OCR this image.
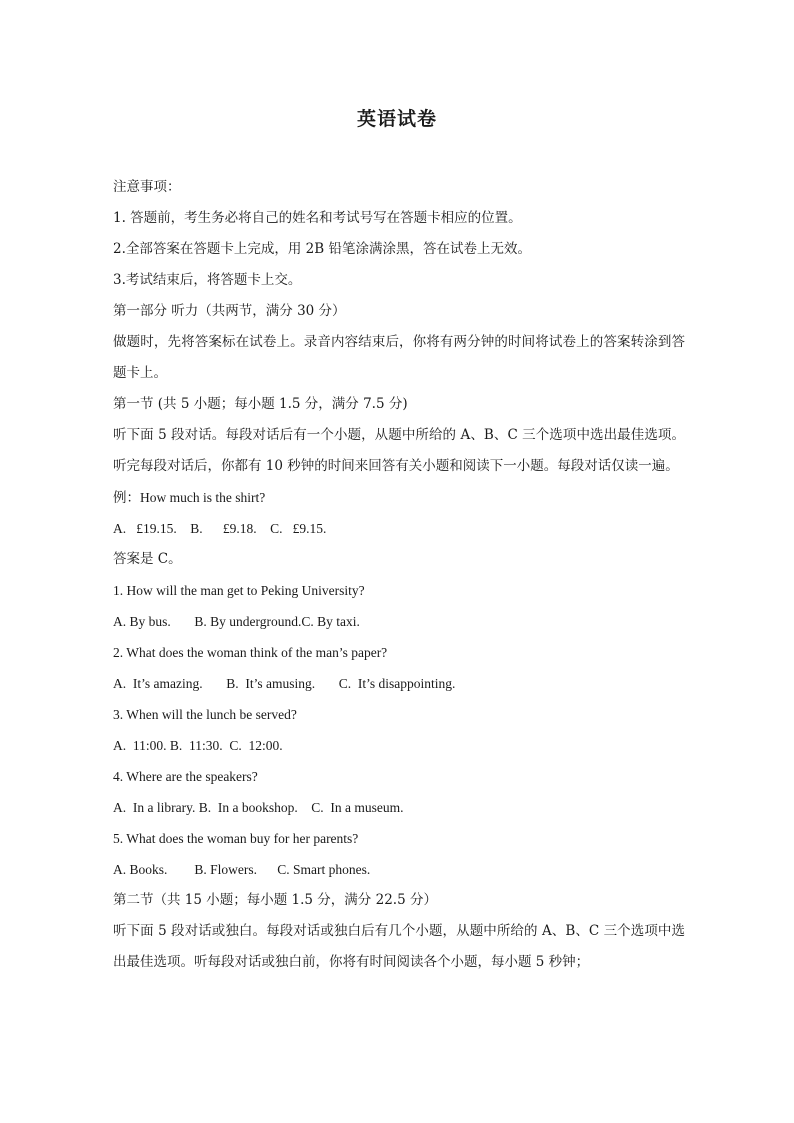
英语试卷
注意事项：
1. 答题前，考生务必将自己的姓名和考试号写在答题卡相应的位置。
2.全部答案在答题卡上完成，用 2B 铅笔涂满涂黑，答在试卷上无效。
3.考试结束后，将答题卡上交。
第一部分 听力（共两节，满分 30 分）
做题时，先将答案标在试卷上。录音内容结束后，你将有两分钟的时间将试卷上的答案转涂到答题卡上。
第一节 (共 5 小题；每小题 1.5 分，满分 7.5 分)
听下面 5 段对话。每段对话后有一个小题，从题中所给的 A、B、C 三个选项中选出最佳选项。听完每段对话后，你都有 10 秒钟的时间来回答有关小题和阅读下一小题。每段对话仅读一遍。
例：How much is the shirt?
A.   £19.15.    B.      £9.18.    C.   £9.15.
答案是 C。
1. How will the man get to Peking University?
A. By bus.       B. By underground.C. By taxi.
2. What does the woman think of the man’s paper?
A.  It’s amazing.       B.  It’s amusing.       C.  It’s disappointing.
3. When will the lunch be served?
A.  11:00. B.  11:30.  C.  12:00.
4. Where are the speakers?
A.  In a library. B.  In a bookshop.    C.  In a museum.
5. What does the woman buy for her parents?
A. Books.        B. Flowers.      C. Smart phones.
第二节（共 15 小题；每小题 1.5 分，满分 22.5 分）
听下面 5 段对话或独白。每段对话或独白后有几个小题，从题中所给的 A、B、C 三个选项中选出最佳选项。听每段对话或独白前，你将有时间阅读各个小题，每小题 5 秒钟；
